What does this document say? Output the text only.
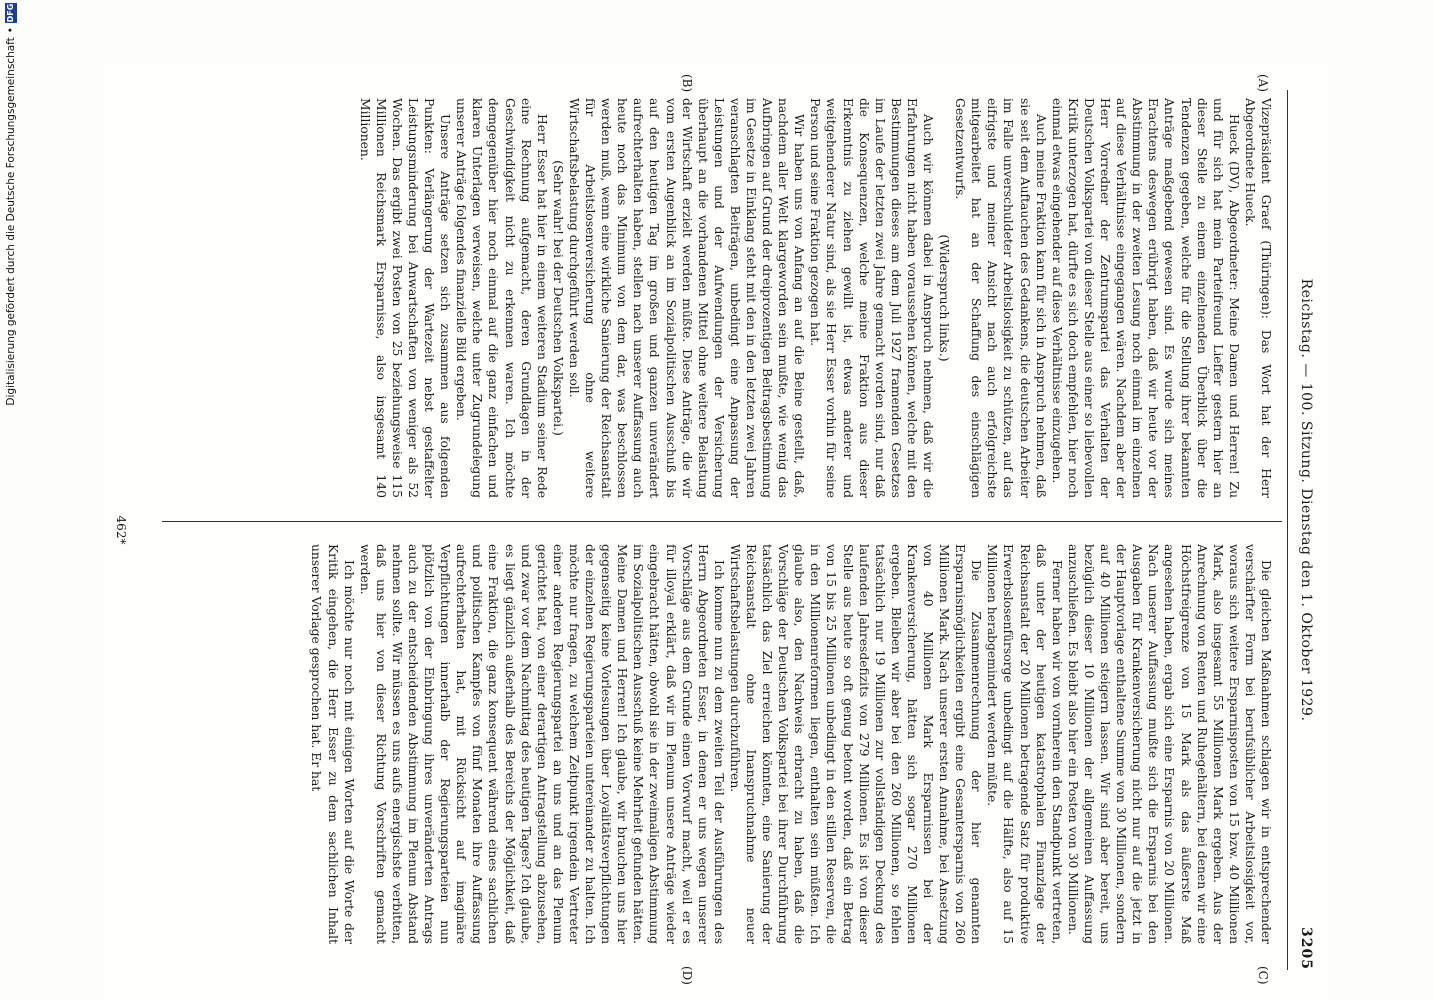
Digitalisierung gefördert durch die Deutsche Forschungsgemeinschaft
•
DFG
Reichstag. — 100. Sitzung. Dienstag den 1. Oktober 1929.
3205
(A)
(B)
(C)
(D)

Vizepräsident Graef (Thüringen): Das Wort hat der Herr Abgeordnete Hueck.

Hueck (DV), Abgeordneter: Meine Damen und Herren! Zu und für sich hat mein Parteifreund Lieffer gestern hier an dieser Stelle zu einem einzelnenden Überblick über die Tendenzen gegeben, welche für die Stellung ihrer bekannten Anträge maßgebend gewesen sind. Es wurde sich meines Erachtens deswegen erübrigt haben, daß wir heute vor der Abstimmung in der zweiten Lesung noch einmal im einzelnen auf diese Verhältnisse eingegangen wären. Nachdem aber der Herr Vorredner der Zentrumspartei das Verhalten der Deutschen Volkspartei von dieser Stelle aus einer so liebevollen Kritik unterzogen hat, dürfte es sich doch empfehlen, hier noch einmal etwas eingehender auf diese Verhältnisse einzugehen.

Auch meine Fraktion kann für sich in Anspruch nehmen, daß sie seit dem Auftauchen des Gedankens, die deutschen Arbeiter im Falle unverschuldeter Arbeitslosigkeit zu schützen, auf das eifrigste und meiner Ansicht nach auch erfolgreichste mitgearbeitet hat an der Schaffung des einschlägigen Gesetzentwurfs.

(Widerspruch links.)

Auch wir können dabei in Anspruch nehmen, daß wir die Erfahrungen nicht haben voraussehen können, welche mit den Bestimmungen dieses am dem Juli 1927 framenden Gesetzes im Laufe der letzten zwei Jahre gemacht worden sind, nur daß die Konsequenzen, welche meine Fraktion aus dieser Erkenntnis zu ziehen gewillt ist, etwas anderer und weitgehenderer Natur sind, als sie Herr Esser vorhin für seine Person und seine Fraktion gezogen hat.

Wir haben uns von Anfang an auf die Beine gestellt, daß, nachdem aller Welt klargeworden sein mußte, wie wenig das Aufbringen auf Grund der dreiprozentigen Beitragsbestimmung im Gesetze in Einklang steht mit den in den letzten zwei Jahren veranschlagten Beiträgen, unbedingt eine Anpassung der Leistungen und der Aufwendungen der Versicherung überhaupt an die vorhandenen Mittel ohne weitere Belastung der Wirtschaft erzielt werden müßte. Diese Anträge, die wir vom ersten Augenblick an im Sozialpolitischen Ausschuß bis auf den heutigen Tag im großen und ganzen unverändert aufrechterhalten haben, stellen nach unserer Auffassung auch heute noch das Minimum von dem dar, was beschlossen werden muß, wenn eine wirkliche Sanierung der Reichsanstalt für Arbeitslosenversicherung ohne weitere Wirtschaftsbelastung durchgeführt werden soll.

(Sehr wahr! bei der Deutschen Volkspartei.)

Herr Esser hat hier in einem weiteren Stadium seiner Rede eine Rechnung aufgemacht, deren Grundlagen in der Geschwindigkeit nicht zu erkennen waren. Ich möchte demgegenüber hier noch einmal auf die ganz einfachen und klaren Unterlagen verweisen, welche unter Zugrundelegung unserer Anträge folgendes finanzielle Bild ergeben.

Unsere Anträge setzen sich zusammen aus folgenden Punkten: Verlängerung der Wartezeit nebst gestaffelter Leistungsminderung bei Anwartschaften von weniger als 52 Wochen. Das ergibt zwei Posten von 25 beziehungsweise 115 Millionen Reichsmark Ersparnisse, also insgesamt 140 Millionen.

Die gleichen Maßnahmen schlagen wir in entsprechender verschärfter Form bei berufsüblicher Arbeitslosigkeit vor, woraus sich weitere Ersparnisposten von 15 bzw. 40 Millionen Mark, also insgesamt 55 Millionen Mark ergeben. Aus der Anrechnung von Renten und Ruhegehältern, bei denen wir eine Höchstfreigrenze von 15 Mark als das äußerste Maß angesehen haben, ergab sich eine Ersparnis von 20 Millionen. Nach unserer Auffassung mußte sich die Ersparnis bei den Ausgaben für Krankenversicherung nicht nur auf die jetzt in der Hauptvorlage enthaltene Summe von 30 Millionen, sondern auf 40 Millionen steigern lassen. Wir sind aber bereit, uns bezüglich dieser 10 Millionen der allgemeinen Auffassung anzuschließen. Es bleibt also hier ein Posten von 30 Millionen.

Ferner haben wir von vornherein den Standpunkt vertreten, daß unter der heutigen katastrophalen Finanzlage der Reichsanstalt der 20 Millionen betragende Satz für produktive Erwerbslosenfürsorge unbedingt auf die Hälfte, also auf 15 Millionen herabgemindert werden müßte.

Die Zusammenrechnung der hier genannten Ersparnismöglichkeiten ergibt eine Gesamtersparnis von 260 Millionen Mark. Nach unserer ersten Annahme, bei Ansetzung von 40 Millionen Mark Ersparnissen bei der Krankenversicherung, hätten sich sogar 270 Millionen ergeben. Bleiben wir aber bei den 260 Millionen, so fehlen tatsächlich nur 19 Millionen zur vollständigen Deckung des laufenden Jahresdefizits von 279 Millionen. Es ist von dieser Stelle aus heute so oft genug betont worden, daß ein Betrag von 15 bis 25 Millionen unbedingt in den stillen Reserven, die in den Millionenreformen liegen, enthalten sein müßten. Ich glaube also, den Nachweis erbracht zu haben, daß die Vorschläge der Deutschen Volkspartei bei ihrer Durchführung tatsächlich das Ziel erreichen könnten, eine Sanierung der Reichsanstalt ohne Inanspruchnahme neuer Wirtschaftsbelastungen durchzuführen.

Ich komme nun zu dem zweiten Teil der Ausführungen des Herrn Abgeordneten Esser, in denen er uns wegen unserer Vorschläge aus dem Grunde einen Vorwurf macht, weil er es für illoyal erklärt, daß wir im Plenum unsere Anträge wieder eingebracht hätten, obwohl sie in der zweimaligen Abstimmung im Sozialpolitischen Ausschuß keine Mehrheit gefunden hätten. Meine Damen und Herren! Ich glaube, wir brauchen uns hier gegenseitig keine Vorlesungen über Loyalitätsverpflichtungen der einzelnen Regierungsparteien untereinander zu halten. Ich möchte nur fragen, zu welchem Zeitpunkt irgendein Vertreter einer anderen Regierungspartei an uns und an das Plenum gerichtet hat, von einer derartigen Antragstellung abzusehen, und zwar vor dem Nachmittag des heutigen Tages? Ich glaube, es liegt gänzlich außerhalb des Bereichs der Möglichkeit, daß eine Fraktion, die ganz konsequent während eines sachlichen und politischen Kampfes von fünf Monaten ihre Auffassung aufrechterhalten hat, mit Rücksicht auf imaginäre Verpflichtungen innerhalb der Regierungsparteien nun plötzlich von der Einbringung ihres unveränderten Antrags auch zu der entscheidenden Abstimmung im Plenum Abstand nehmen sollte. Wir müssen es uns aufs energischste verbitten, daß uns hier von dieser Richtung Vorschriften gemacht werden.

Ich möchte nur noch mit einigen Worten auf die Worte der Kritik eingehen, die Herr Esser zu dem sachlichen Inhalt unserer Vorlage gesprochen hat. Er hat

462*
